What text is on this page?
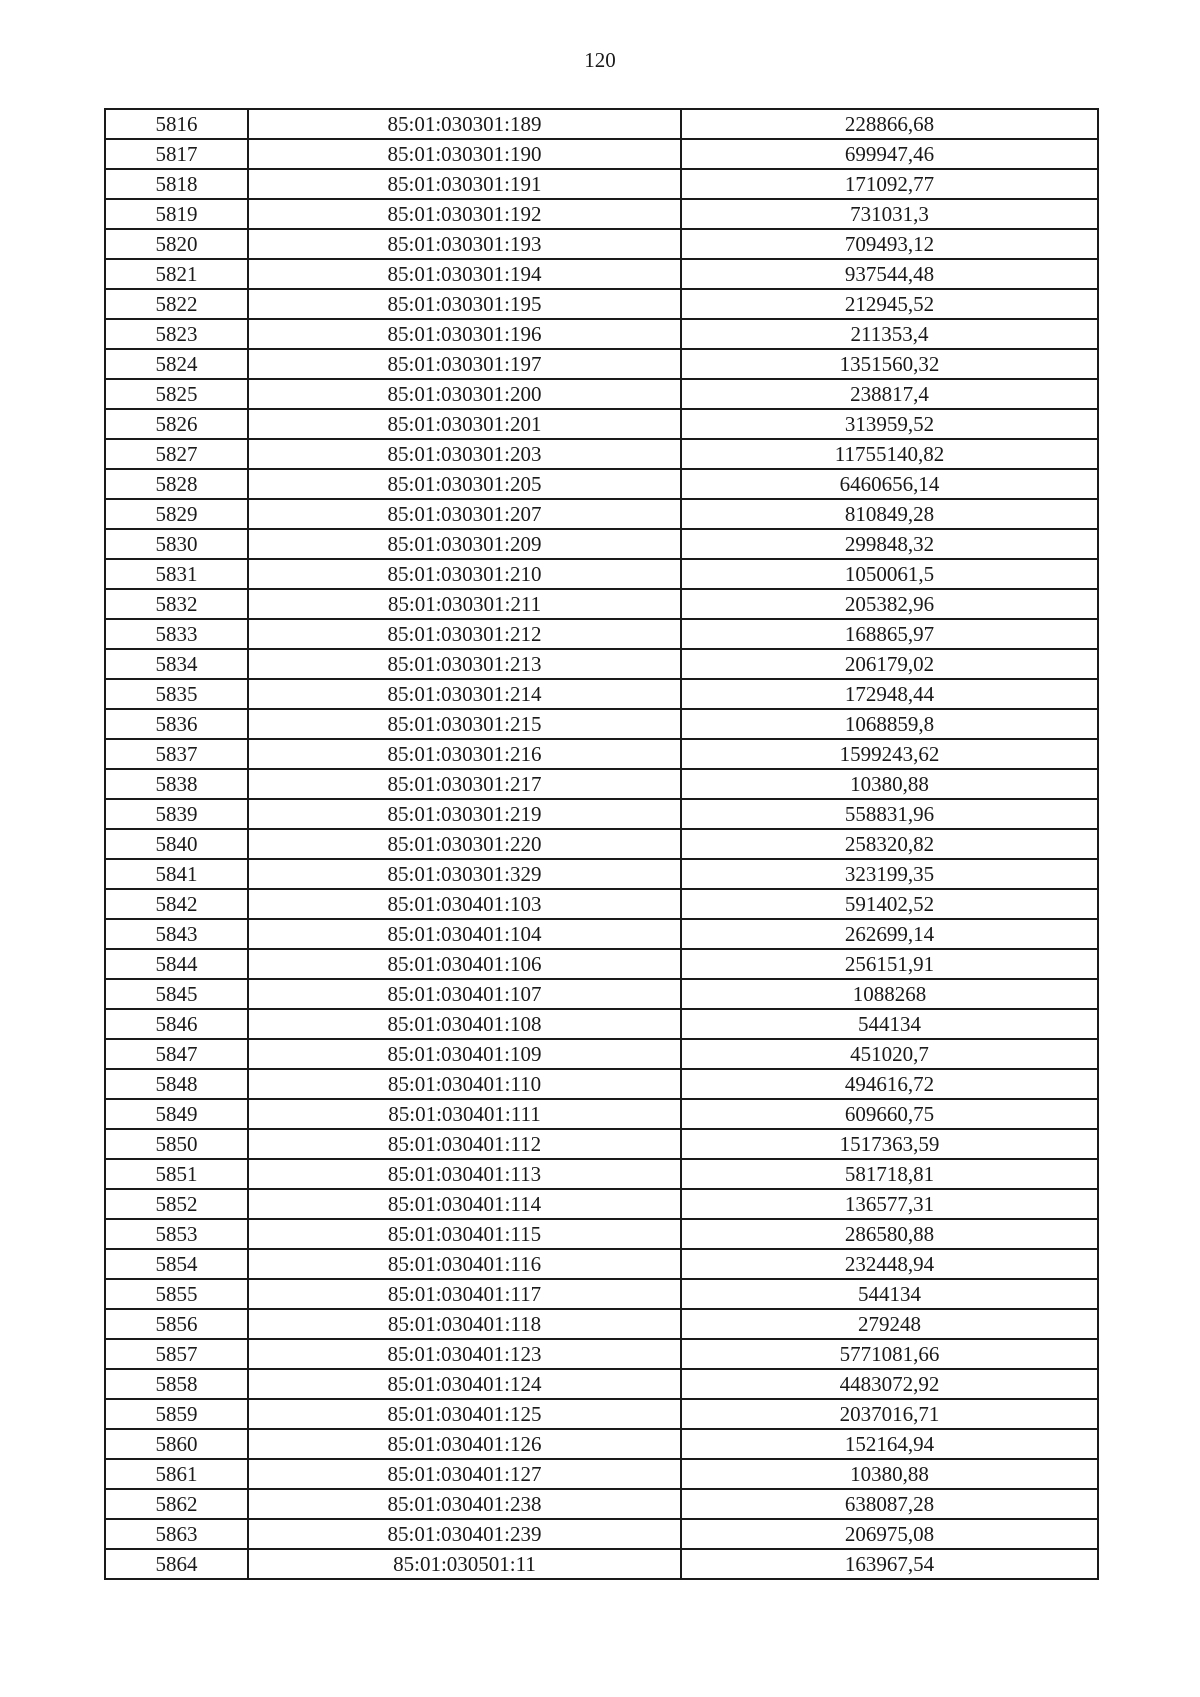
120
5816	85:01:030301:189	228866,68
5817	85:01:030301:190	699947,46
5818	85:01:030301:191	171092,77
5819	85:01:030301:192	731031,3
5820	85:01:030301:193	709493,12
5821	85:01:030301:194	937544,48
5822	85:01:030301:195	212945,52
5823	85:01:030301:196	211353,4
5824	85:01:030301:197	1351560,32
5825	85:01:030301:200	238817,4
5826	85:01:030301:201	313959,52
5827	85:01:030301:203	11755140,82
5828	85:01:030301:205	6460656,14
5829	85:01:030301:207	810849,28
5830	85:01:030301:209	299848,32
5831	85:01:030301:210	1050061,5
5832	85:01:030301:211	205382,96
5833	85:01:030301:212	168865,97
5834	85:01:030301:213	206179,02
5835	85:01:030301:214	172948,44
5836	85:01:030301:215	1068859,8
5837	85:01:030301:216	1599243,62
5838	85:01:030301:217	10380,88
5839	85:01:030301:219	558831,96
5840	85:01:030301:220	258320,82
5841	85:01:030301:329	323199,35
5842	85:01:030401:103	591402,52
5843	85:01:030401:104	262699,14
5844	85:01:030401:106	256151,91
5845	85:01:030401:107	1088268
5846	85:01:030401:108	544134
5847	85:01:030401:109	451020,7
5848	85:01:030401:110	494616,72
5849	85:01:030401:111	609660,75
5850	85:01:030401:112	1517363,59
5851	85:01:030401:113	581718,81
5852	85:01:030401:114	136577,31
5853	85:01:030401:115	286580,88
5854	85:01:030401:116	232448,94
5855	85:01:030401:117	544134
5856	85:01:030401:118	279248
5857	85:01:030401:123	5771081,66
5858	85:01:030401:124	4483072,92
5859	85:01:030401:125	2037016,71
5860	85:01:030401:126	152164,94
5861	85:01:030401:127	10380,88
5862	85:01:030401:238	638087,28
5863	85:01:030401:239	206975,08
5864	85:01:030501:11	163967,54
